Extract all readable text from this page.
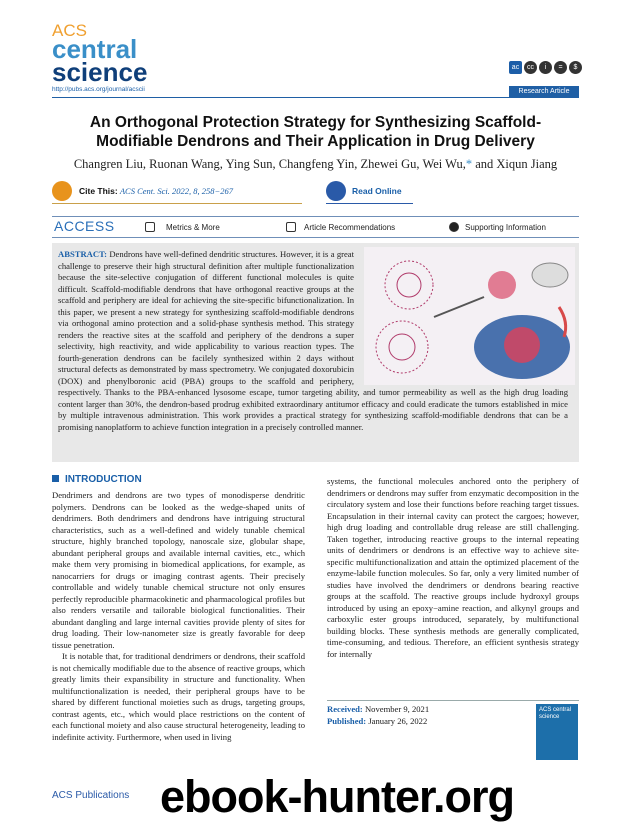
ACS
central
science	ac	cc	i	=	$
http://pubs.acs.org/journal/acscii	Research Article
An Orthogonal Protection Strategy for Synthesizing Scaffold-Modifiable Dendrons and Their Application in Drug Delivery
Changren Liu, Ruonan Wang, Ying Sun, Changfeng Yin, Zhewei Gu, Wei Wu,* and Xiqun Jiang
Cite This: ACS Cent. Sci. 2022, 8, 258−267	Read Online
ACCESS	Metrics & More	Article Recommendations	Supporting Information
ABSTRACT: Dendrons have well-defined dendritic structures. However, it is a great challenge to preserve their high structural definition after multiple functionalization because the site-selective conjugation of different functional molecules is quite difficult. Scaffold-modifiable dendrons that have orthogonal reactive groups at the scaffold and periphery are ideal for achieving the site-specific bifunctionalization. In this paper, we present a new strategy for synthesizing scaffold-modifiable dendrons via orthogonal amino protection and a solid-phase synthesis method. This strategy renders the reactive sites at the scaffold and periphery of the dendrons a super selectivity, high reactivity, and wide applicability to various reaction types. The fourth-generation dendrons can be facilely synthesized within 2 days without structural defects as demonstrated by mass spectrometry. We conjugated doxorubicin (DOX) and phenylboronic acid (PBA) groups to the scaffold and periphery, respectively. Thanks to the PBA-enhanced lysosome escape, tumor targeting ability, and tumor permeability as well as the high drug loading content larger than 30%, the dendron-based prodrug exhibited extraordinary antitumor efficacy and could eradicate the tumors established in mice by multiple intravenous administration. This work provides a practical strategy for synthesizing scaffold-modifiable dendrons that can be a promising nanoplatform to achieve function integration in a precisely controlled manner.
INTRODUCTION

Dendrimers and dendrons are two types of monodisperse dendritic polymers. Dendrons can be looked as the wedge-shaped units of dendrimers. Both dendrimers and dendrons have intriguing structural characteristics, such as a well-defined and widely tunable chemical structure, highly branched topology, nanoscale size, globular shape, abundant peripheral groups and available internal cavities, etc., which make them very promising in biomedical applications, for example, as nanocarriers for drugs or imaging contrast agents. Their precisely controllable and widely tunable chemical structure not only ensures perfectly reproducible pharmacokinetic and pharmacological profiles but also renders versatile and tailorable biological functionalities. Their abundant dangling and large internal cavities provide plenty of sites for drug loading. Their low-nanometer size is greatly favorable for deep tissue penetration.

It is notable that, for traditional dendrimers or dendrons, their scaffold is not chemically modifiable due to the absence of reactive groups, which greatly limits their expansibility in structure and functionality. When multifunctionalization is needed, their peripheral groups have to be shared by different functional moieties such as drugs, targeting groups, contrast agents, etc., which would place restrictions on the content of each functional moiety and also cause structural heterogeneity, leading to indefinite activity. Furthermore, when used in living

systems, the functional molecules anchored onto the periphery of dendrimers or dendrons may suffer from enzymatic decomposition in the circulatory system and lose their functions before reaching target tissues. Encapsulation in their internal cavity can protect the cargoes; however, high drug loading and controllable drug release are still challenging. Taken together, introducing reactive groups to the internal repeating units of dendrimers or dendrons is an effective way to achieve site-specific multifunctionalization and attain the optimized placement of the enzyme-labile function molecules. So far, only a very limited number of studies have involved the dendrimers or dendrons bearing reactive groups at the scaffold. The reactive groups include hydroxyl groups introduced by using an epoxy−amine reaction, and alkynyl groups and carboxylic ester groups introduced, separately, by multifunctional building blocks. These synthesis methods are generally complicated, time-consuming, and tedious. Therefore, an efficient synthesis strategy for internally

Received: November 9, 2021
Published: January 26, 2022
ACS central science
ACS Publications ebook-hunter.org
